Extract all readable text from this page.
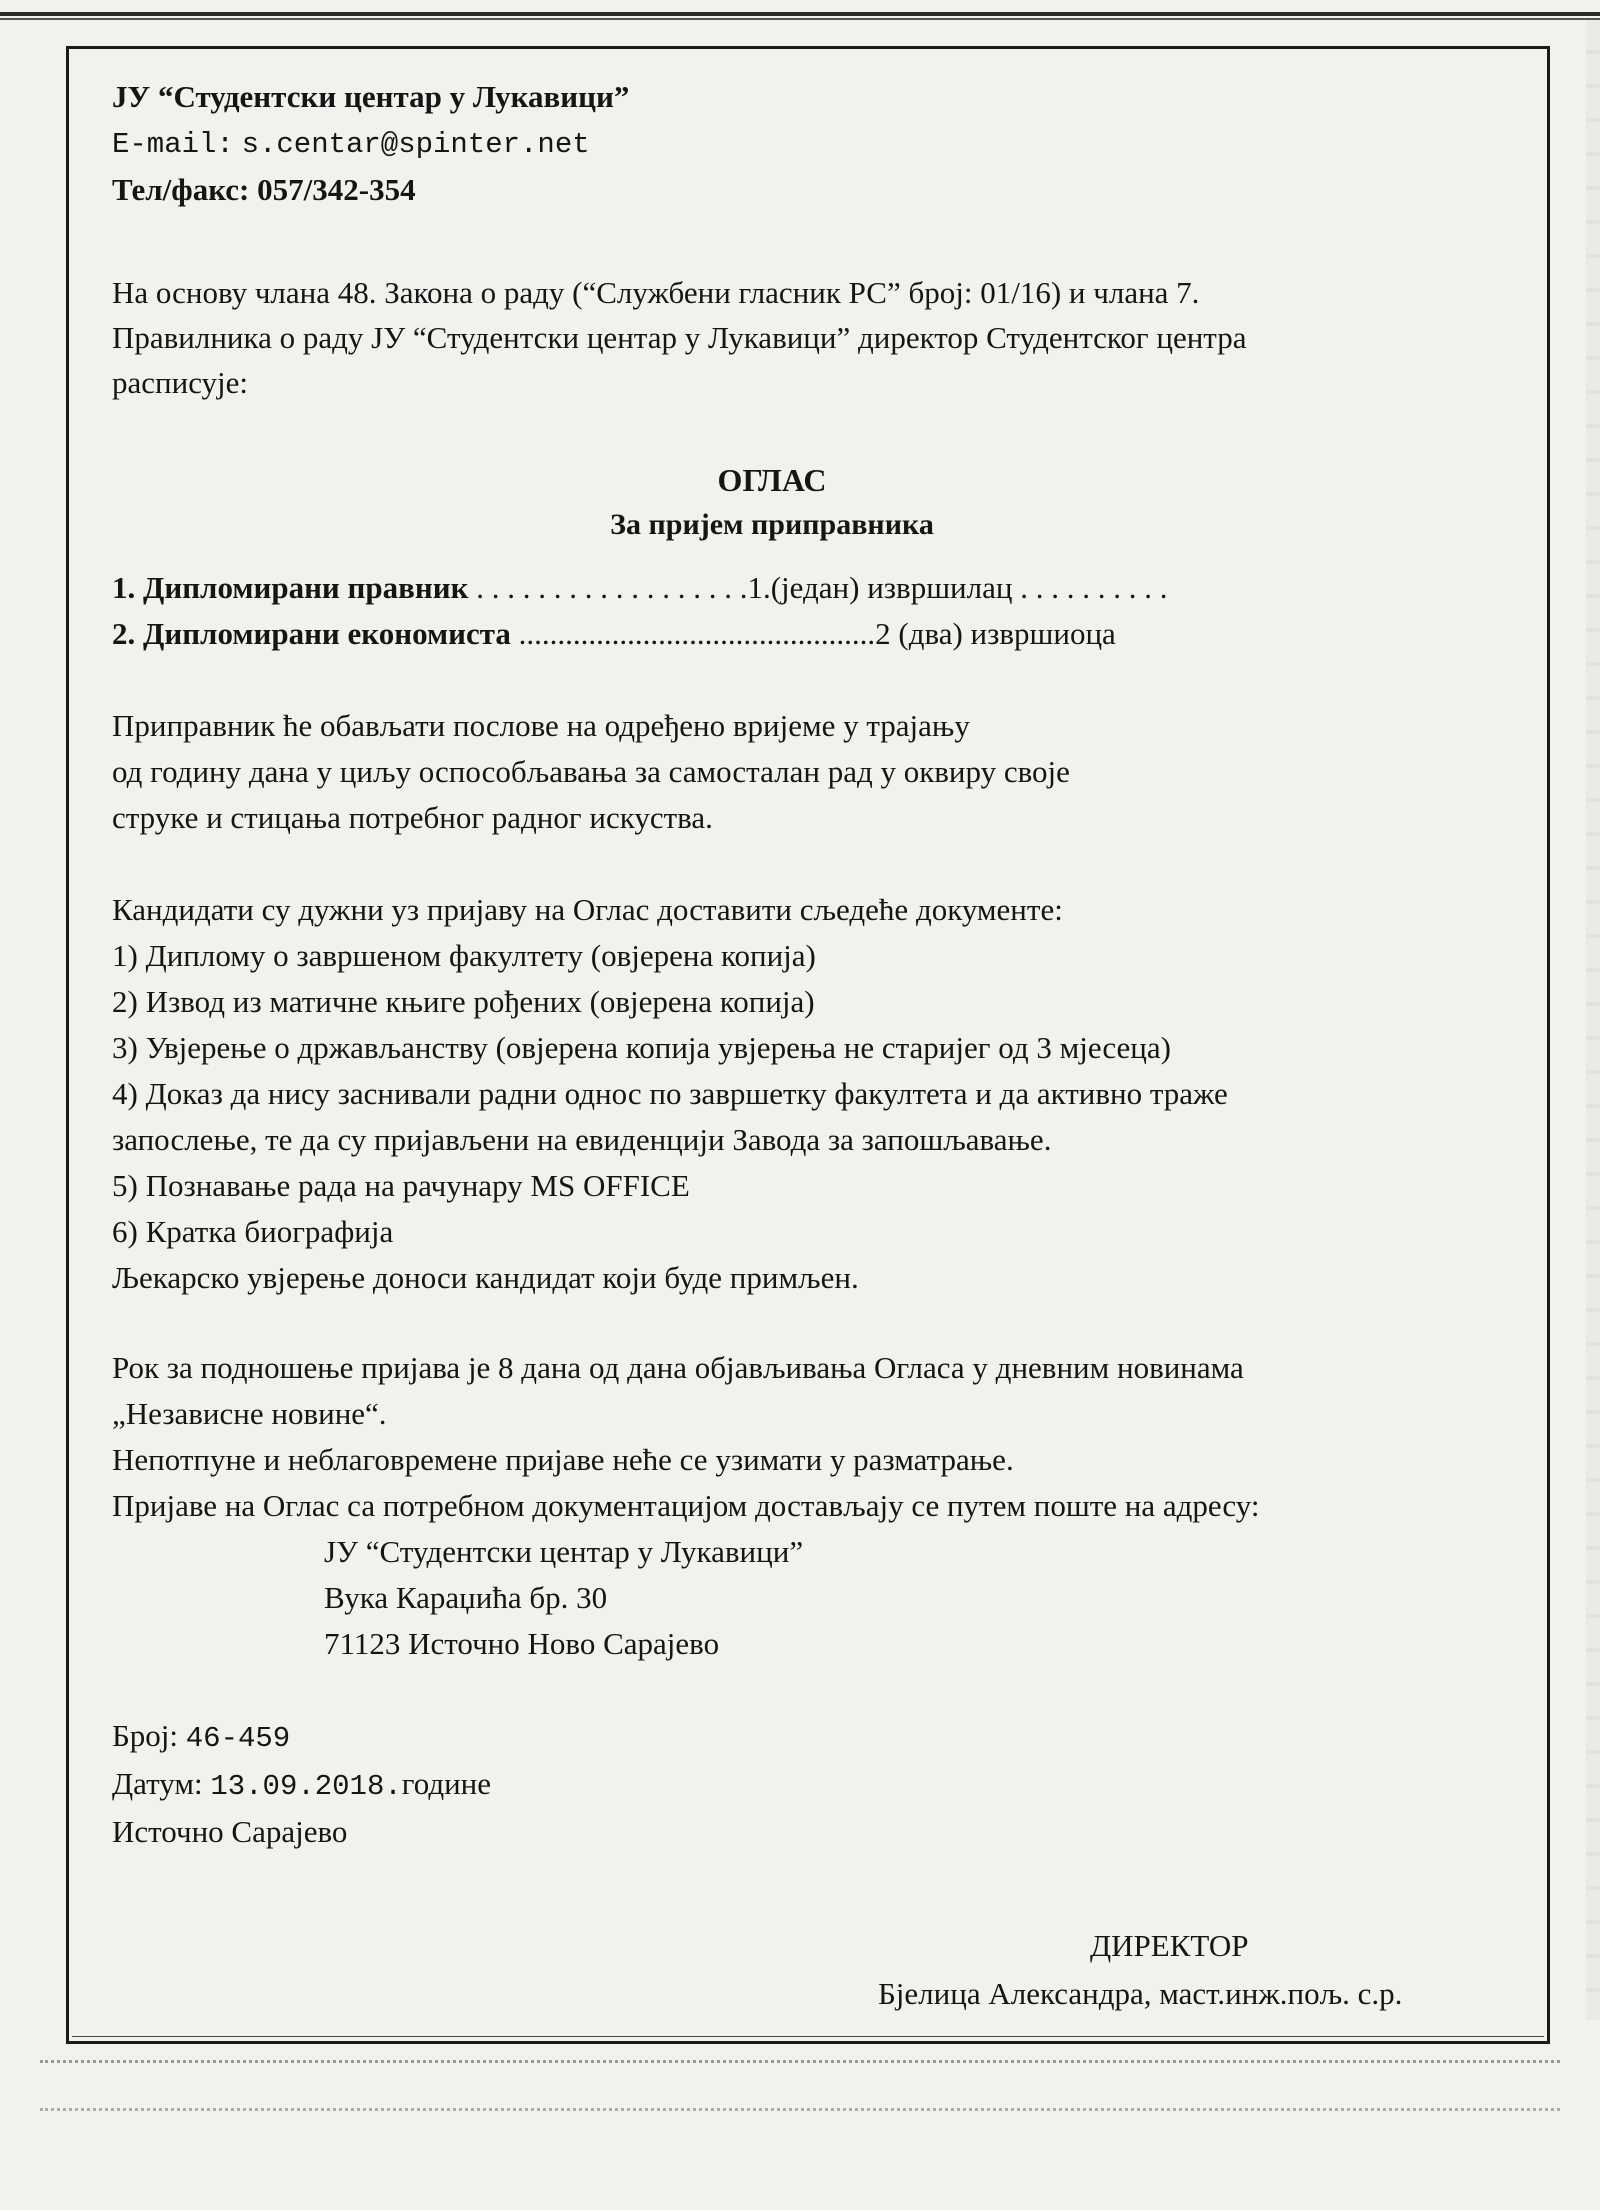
ЈУ “Студентски центар у Лукавици”
E-mail: s.centar@spinter.net
Тел/факс: 057/342-354
На основу члана 48. Закона о раду (“Службени гласник РС” број: 01/16) и члана 7.
Правилника о раду ЈУ “Студентски центар у Лукавици” директор Студентског центра
расписује:
ОГЛАС
За пријем приправника
1. Дипломирани правник . . . . . . . . . . . . . . . . . .1.(један) извршилац . . . . . . . . . .
2. Дипломирани економиста ..............................................2 (два) извршиоца
Приправник ће обављати послове на одређено вријеме у трајању
од годину дана у циљу оспособљавања за самосталан рад у оквиру своје
струке и стицања потребног радног искуства.
Кандидати су дужни уз пријаву на Оглас доставити сљедеће документе:
1) Диплому о завршеном факултету (овјерена копија)
2) Извод из матичне књиге рођених (овјерена копија)
3) Увјерење о држављанству (овјерена копија увјерења не старијег од 3 мјесеца)
4) Доказ да нису заснивали радни однос по завршетку факултета и да активно траже
запослење, те да су пријављени на евиденцији Завода за запошљавање.
5) Познавање рада на рачунару MS OFFICE
6) Кратка биографија
Љекарско увјерење доноси кандидат који буде примљен.
Рок за подношење пријава је 8 дана од дана објављивања Огласа у дневним новинама
„Независне новине“.
Непотпуне и неблаговремене пријаве неће се узимати у разматрање.
Пријаве на Оглас са потребном документацијом достављају се путем поште на адресу:
ЈУ “Студентски центар у Лукавици”
Вука Караџића бр. 30
71123 Источно Ново Сарајево
Број: 46-459
Датум: 13.09.2018.године
Источно Сарајево
ДИРЕКТОР
Бјелица Александра, маст.инж.пољ. с.р.
